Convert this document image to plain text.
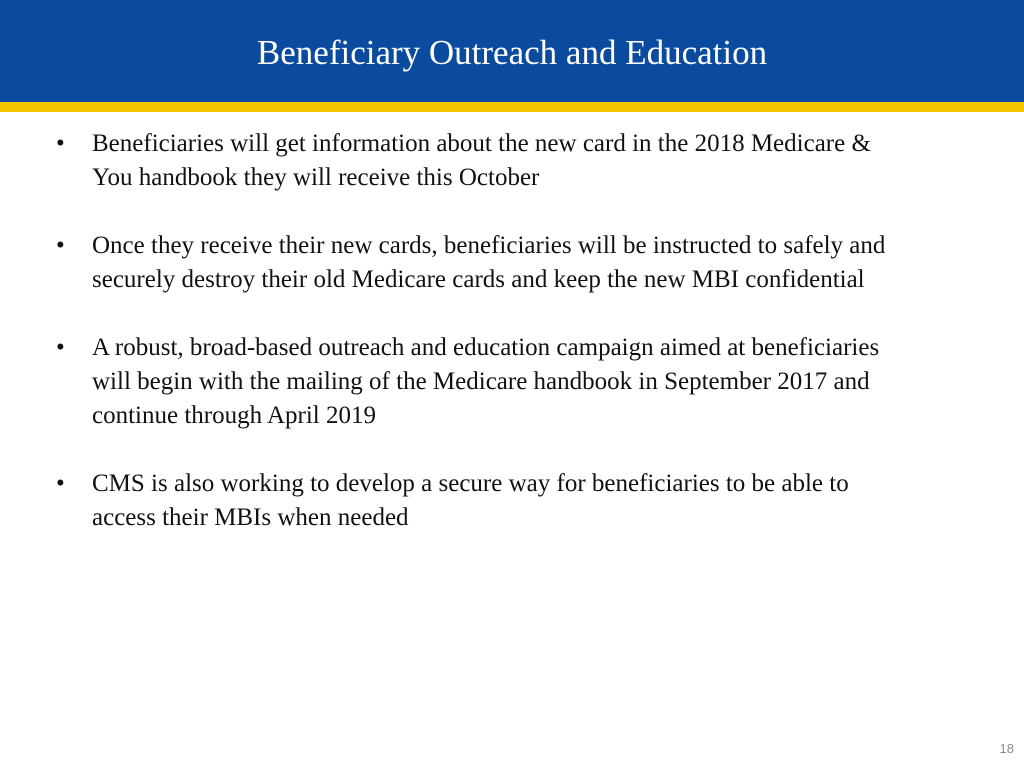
Beneficiary Outreach and Education
•	Beneficiaries will get information about the new card in the 2018 Medicare & You handbook they will receive this October
•	Once they receive their new cards, beneficiaries will be instructed to safely and securely destroy their old Medicare cards and keep the new MBI confidential
•	A robust, broad-based outreach and education campaign aimed at beneficiaries will begin with the mailing of the Medicare handbook in September 2017 and continue through April 2019
•	CMS is also working to develop a secure way for beneficiaries to be able to access their MBIs when needed
18
